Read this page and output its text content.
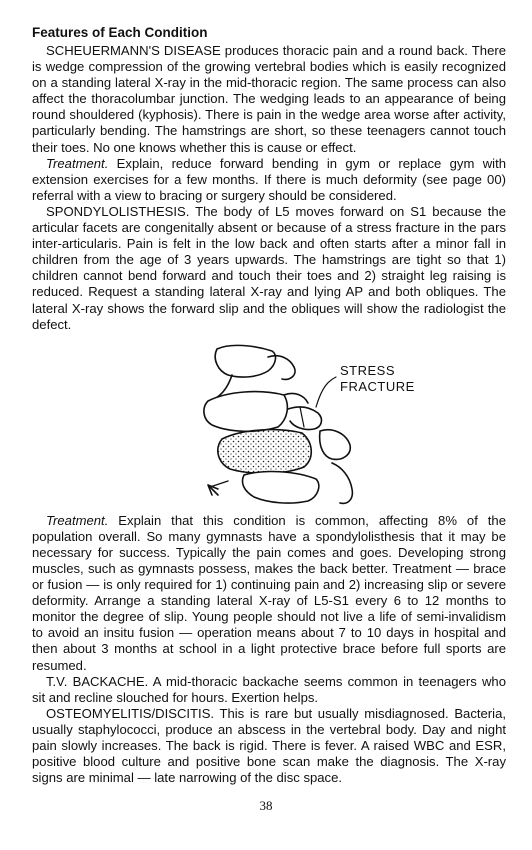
Features of Each Condition

SCHEUERMANN'S DISEASE produces thoracic pain and a round back. There is wedge compression of the growing vertebral bodies which is easily recognized on a standing lateral X-ray in the mid-thoracic region. The same process can also affect the thoracolumbar junction. The wedging leads to an appearance of being round shouldered (kyphosis). There is pain in the wedge area worse after activity, particularly bending. The hamstrings are short, so these teenagers cannot touch their toes. No one knows whether this is cause or effect.

Treatment. Explain, reduce forward bending in gym or replace gym with extension exercises for a few months. If there is much deformity (see page 00) referral with a view to bracing or surgery should be considered.

SPONDYLOLISTHESIS. The body of L5 moves forward on S1 because the articular facets are congenitally absent or because of a stress fracture in the pars inter-articularis. Pain is felt in the low back and often starts after a minor fall in children from the age of 3 years upwards. The hamstrings are tight so that 1) children cannot bend forward and touch their toes and 2) straight leg raising is reduced. Request a standing lateral X-ray and lying AP and both obliques. The lateral X-ray shows the forward slip and the obliques will show the radiologist the defect.

STRESS
FRACTURE

Treatment. Explain that this condition is common, affecting 8% of the population overall. So many gymnasts have a spondylolisthesis that it may be necessary for success. Typically the pain comes and goes. Developing strong muscles, such as gymnasts possess, makes the back better. Treatment — brace or fusion — is only required for 1) continuing pain and 2) increasing slip or severe deformity. Arrange a standing lateral X-ray of L5-S1 every 6 to 12 months to monitor the degree of slip. Young people should not live a life of semi-invalidism to avoid an insitu fusion — operation means about 7 to 10 days in hospital and then about 3 months at school in a light protective brace before full sports are resumed.

T.V. BACKACHE. A mid-thoracic backache seems common in teenagers who sit and recline slouched for hours. Exertion helps.

OSTEOMYELITIS/DISCITIS. This is rare but usually misdiagnosed. Bacteria, usually staphylococci, produce an abscess in the vertebral body. Day and night pain slowly increases. The back is rigid. There is fever. A raised WBC and ESR, positive blood culture and positive bone scan make the diagnosis. The X-ray signs are minimal — late narrowing of the disc space.

38
